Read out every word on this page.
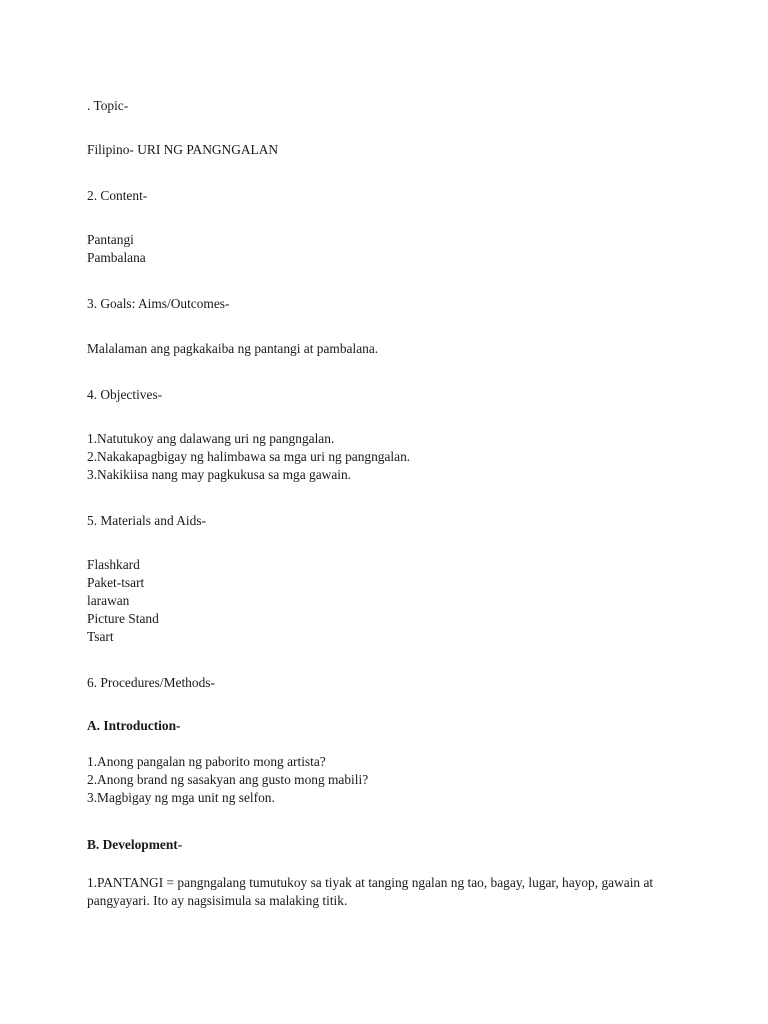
. Topic-

Filipino- URI NG PANGNGALAN

2. Content-

Pantangi
Pambalana

3. Goals: Aims/Outcomes-

Malalaman ang pagkakaiba ng pantangi at pambalana.

4. Objectives-

1.Natutukoy ang dalawang uri ng pangngalan.
2.Nakakapagbigay ng halimbawa sa mga uri ng pangngalan.
3.Nakikiisa nang may pagkukusa sa mga gawain.

5. Materials and Aids-

Flashkard
Paket-tsart
larawan
Picture Stand
Tsart

6. Procedures/Methods-

A. Introduction-

1.Anong pangalan ng paborito mong artista?
2.Anong brand ng sasakyan ang gusto mong mabili?
3.Magbigay ng mga unit ng selfon.

B. Development-

1.PANTANGI = pangngalang tumutukoy sa tiyak at tanging ngalan ng tao, bagay, lugar, hayop, gawain at pangyayari. Ito ay nagsisimula sa malaking titik.
